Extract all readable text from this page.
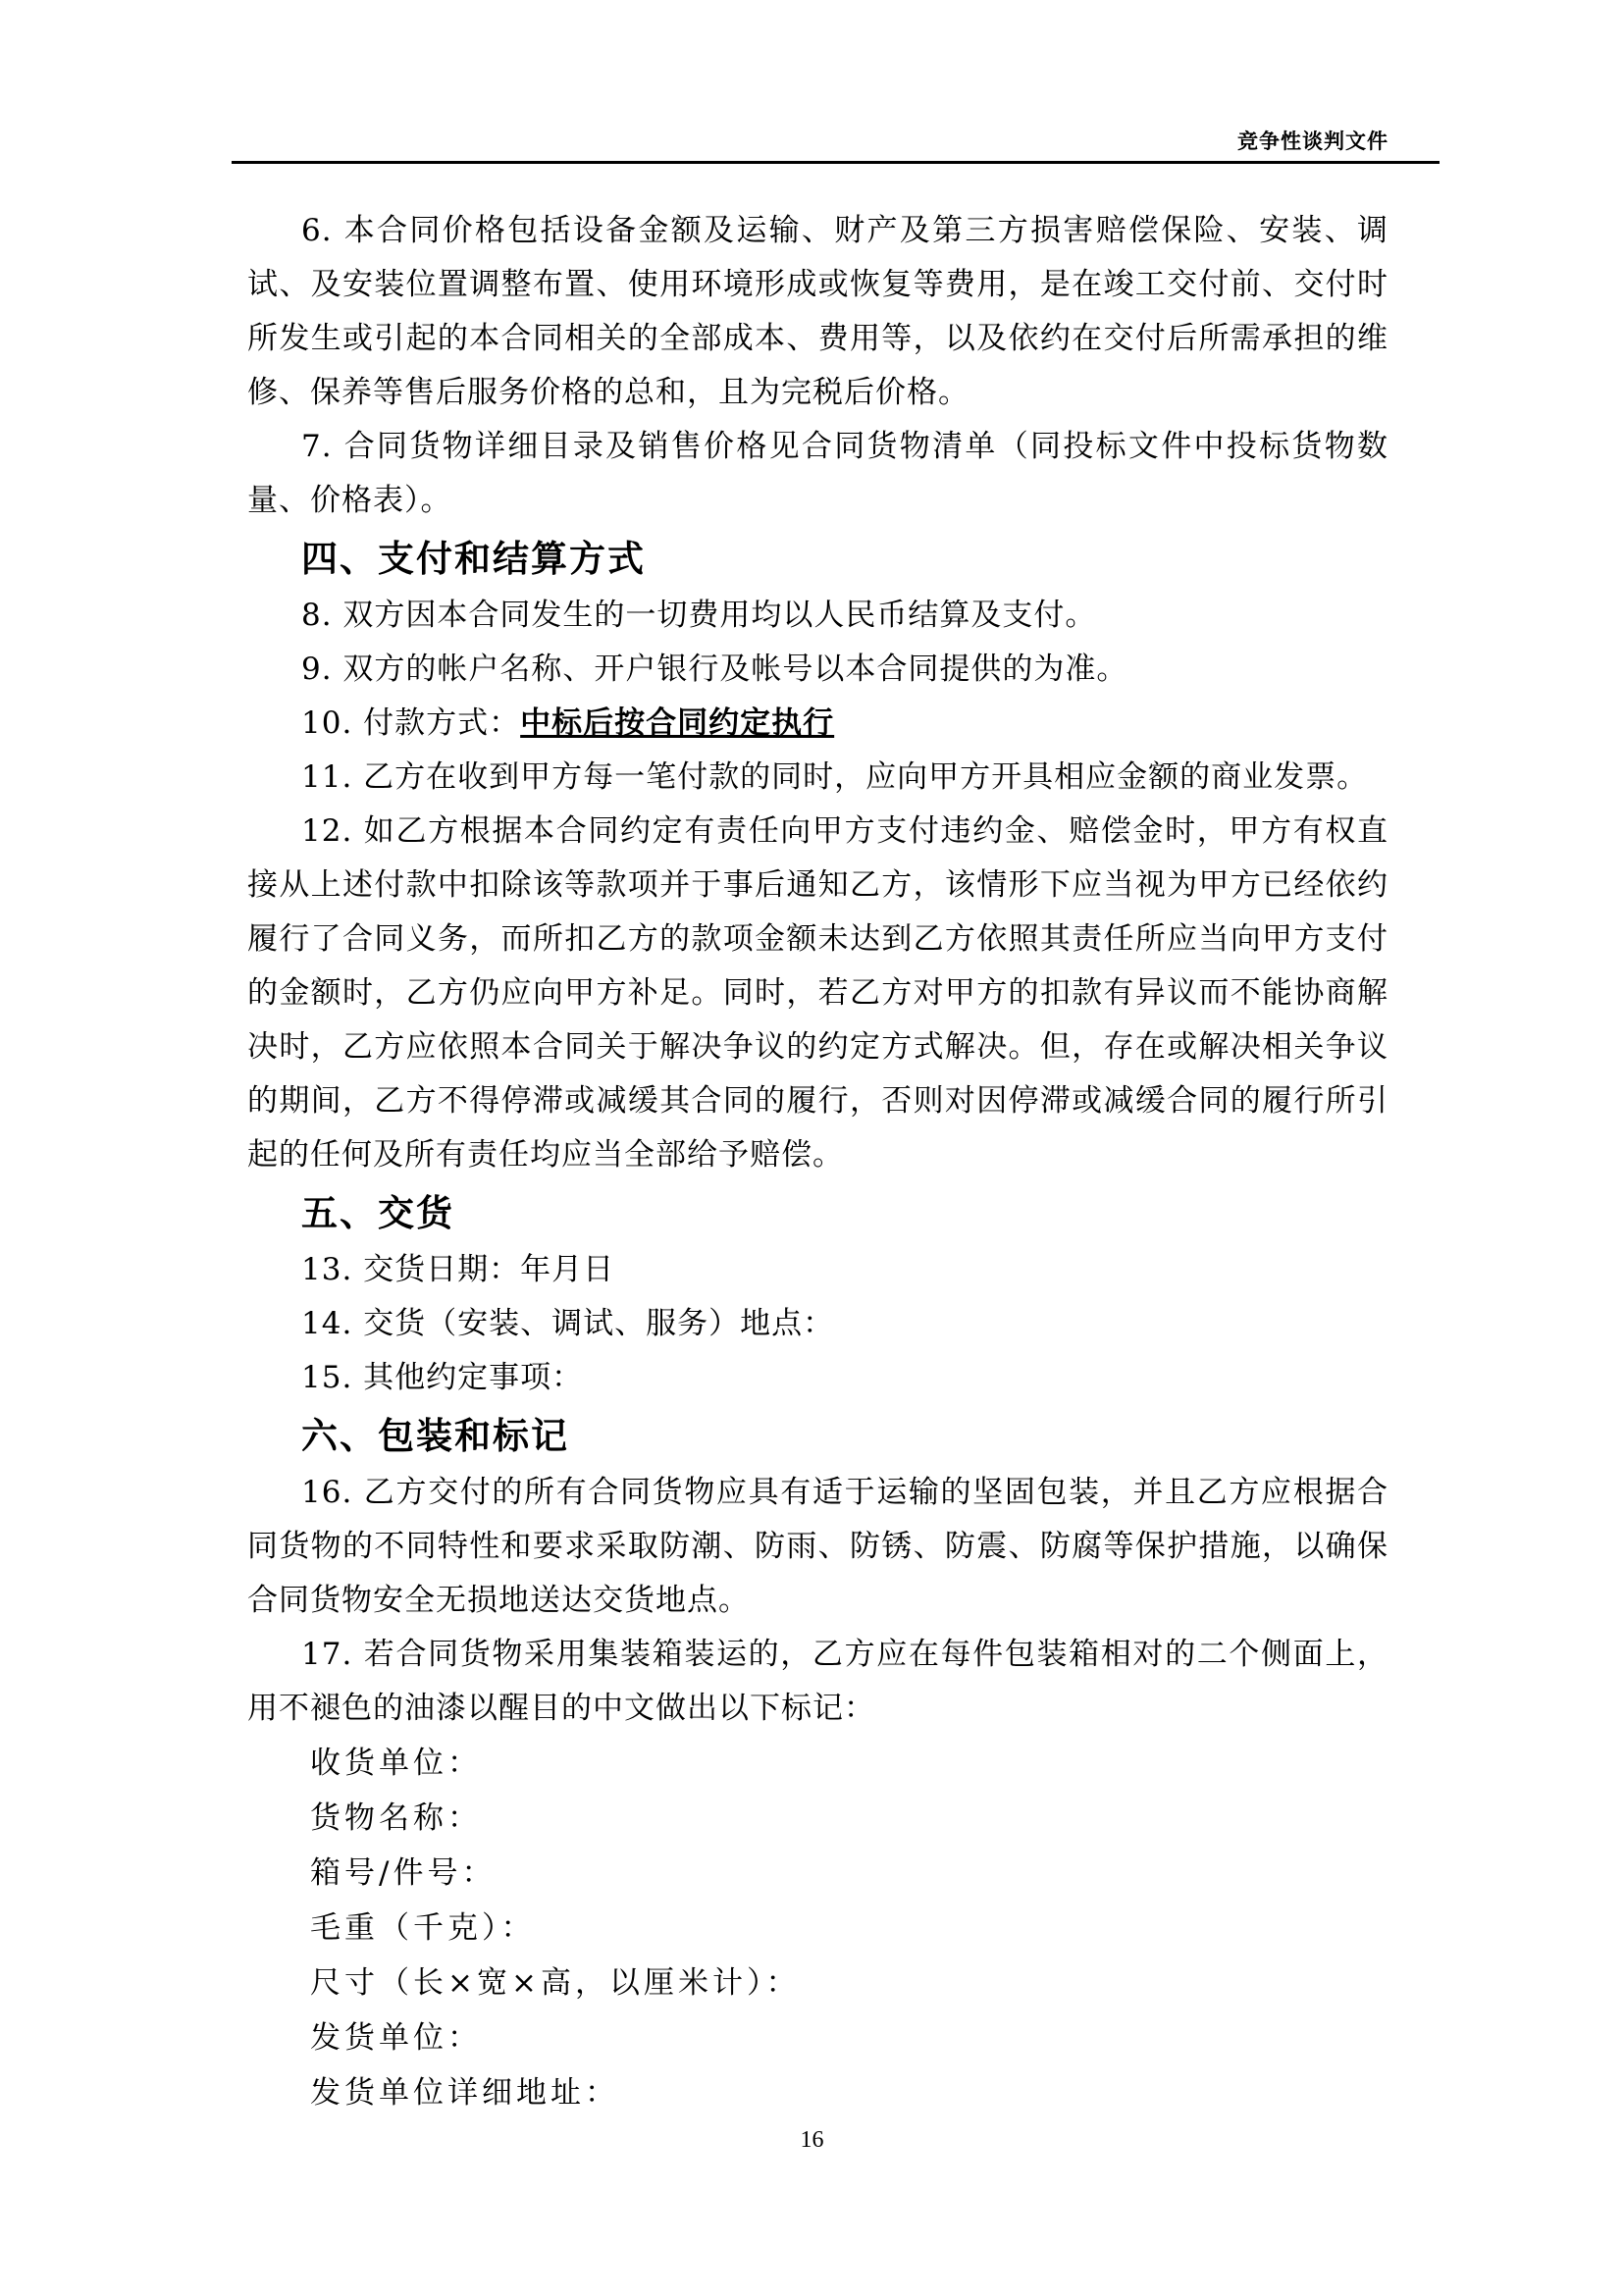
竞争性谈判文件

6. 本合同价格包括设备金额及运输、财产及第三方损害赔偿保险、安装、调试、及安装位置调整布置、使用环境形成或恢复等费用，是在竣工交付前、交付时所发生或引起的本合同相关的全部成本、费用等，以及依约在交付后所需承担的维修、保养等售后服务价格的总和，且为完税后价格。

7. 合同货物详细目录及销售价格见合同货物清单（同投标文件中投标货物数量、价格表）。

四、支付和结算方式

8. 双方因本合同发生的一切费用均以人民币结算及支付。

9. 双方的帐户名称、开户银行及帐号以本合同提供的为准。

10. 付款方式：中标后按合同约定执行

11. 乙方在收到甲方每一笔付款的同时，应向甲方开具相应金额的商业发票。

12. 如乙方根据本合同约定有责任向甲方支付违约金、赔偿金时，甲方有权直接从上述付款中扣除该等款项并于事后通知乙方，该情形下应当视为甲方已经依约履行了合同义务，而所扣乙方的款项金额未达到乙方依照其责任所应当向甲方支付的金额时，乙方仍应向甲方补足。同时，若乙方对甲方的扣款有异议而不能协商解决时，乙方应依照本合同关于解决争议的约定方式解决。但，存在或解决相关争议的期间，乙方不得停滞或减缓其合同的履行，否则对因停滞或减缓合同的履行所引起的任何及所有责任均应当全部给予赔偿。

五、交货

13. 交货日期：年月日

14. 交货（安装、调试、服务）地点：

15. 其他约定事项：

六、包装和标记

16. 乙方交付的所有合同货物应具有适于运输的坚固包装，并且乙方应根据合同货物的不同特性和要求采取防潮、防雨、防锈、防震、防腐等保护措施，以确保合同货物安全无损地送达交货地点。

17. 若合同货物采用集装箱装运的，乙方应在每件包装箱相对的二个侧面上，用不褪色的油漆以醒目的中文做出以下标记：

收货单位：

货物名称：

箱号/件号：

毛重（千克）：

尺寸（长×宽×高，以厘米计）：

发货单位：

发货单位详细地址：

16
